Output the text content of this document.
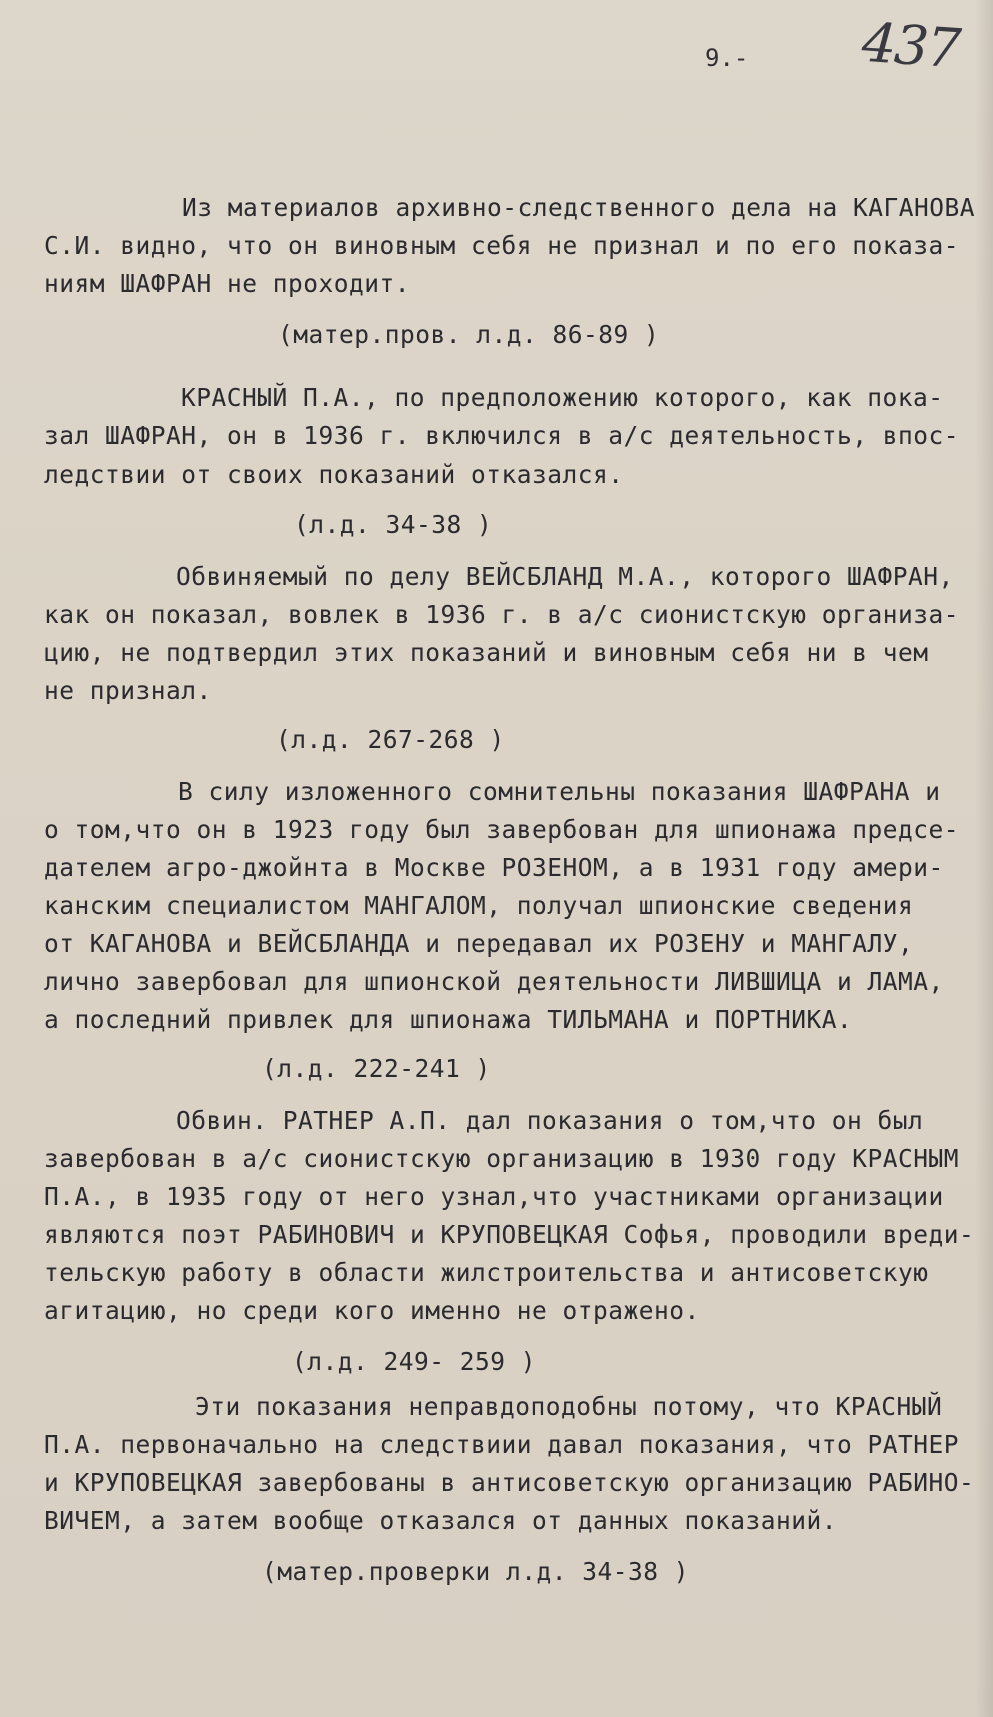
9.- 437

Из материалов архивно-следственного дела на КАГАНОВА

С.И. видно, что он виновным себя не признал и по его показа-

ниям ШАФРАН не проходит.

(матер.пров. л.д. 86-89 )

КРАСНЫЙ П.А., по предположению которого, как пока-

зал ШАФРАН, он в 1936 г. включился в а/с деятельность, впос-

ледствии от своих показаний отказался.

(л.д. 34-38 )

Обвиняемый по делу ВЕЙСБЛАНД М.А., которого ШАФРАН,

как он показал, вовлек в 1936 г. в а/с сионистскую организа-

цию, не подтвердил этих показаний и виновным себя ни в чем

не признал.

(л.д. 267-268 )

В силу изложенного сомнительны показания ШАФРАНА и

о том,что он в 1923 году был завербован для шпионажа предсе-

дателем агро-джойнта в Москве РОЗЕНОМ, а в 1931 году амери-

канским специалистом МАНГАЛОМ, получал шпионские сведения

от КАГАНОВА и ВЕЙСБЛАНДА и передавал их РОЗЕНУ и МАНГАЛУ,

лично завербовал для шпионской деятельности ЛИВШИЦА и ЛАМА,

а последний привлек для шпионажа ТИЛЬМАНА и ПОРТНИКА.

(л.д. 222-241 )

Обвин. РАТНЕР А.П. дал показания о том,что он был

завербован в а/с сионистскую организацию в 1930 году КРАСНЫМ

П.А., в 1935 году от него узнал,что участниками организации

являются поэт РАБИНОВИЧ и КРУПОВЕЦКАЯ Софья, проводили вреди-

тельскую работу в области жилстроительства и антисоветскую

агитацию, но среди кого именно не отражено.

(л.д. 249- 259 )

Эти показания неправдоподобны потому, что КРАСНЫЙ

П.А. первоначально на следствиии давал показания, что РАТНЕР

и КРУПОВЕЦКАЯ завербованы в антисоветскую организацию РАБИНО-

ВИЧЕМ, а затем вообще отказался от данных показаний.

(матер.проверки л.д. 34-38 )
